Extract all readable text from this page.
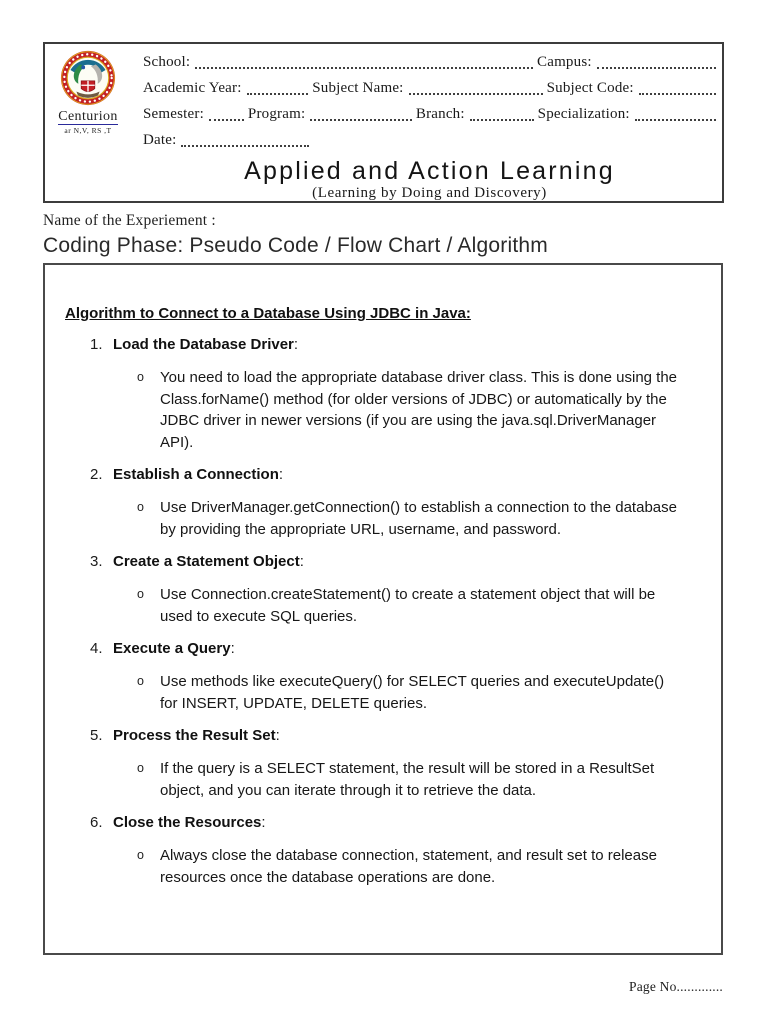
Centurion
ar N,V, RS ,T
School:	Campus:
Academic Year:	Subject Name:	Subject Code:
Semester:	Program:	Branch:	Specialization:
Date:
Applied and Action Learning
(Learning by Doing and Discovery)
Name of the Experiement :
Coding Phase: Pseudo Code / Flow Chart / Algorithm
Algorithm to Connect to a Database Using JDBC in Java:
1. Load the Database Driver:
o	You need to load the appropriate database driver class. This is done using the Class.forName() method (for older versions of JDBC) or automatically by the JDBC driver in newer versions (if you are using the java.sql.DriverManager API).
2. Establish a Connection:
o	Use DriverManager.getConnection() to establish a connection to the database by providing the appropriate URL, username, and password.
3. Create a Statement Object:
o	Use Connection.createStatement() to create a statement object that will be used to execute SQL queries.
4. Execute a Query:
o	Use methods like executeQuery() for SELECT queries and executeUpdate() for INSERT, UPDATE, DELETE queries.
5. Process the Result Set:
o	If the query is a SELECT statement, the result will be stored in a ResultSet object, and you can iterate through it to retrieve the data.
6. Close the Resources:
o	Always close the database connection, statement, and result set to release resources once the database operations are done.
Page No.............
